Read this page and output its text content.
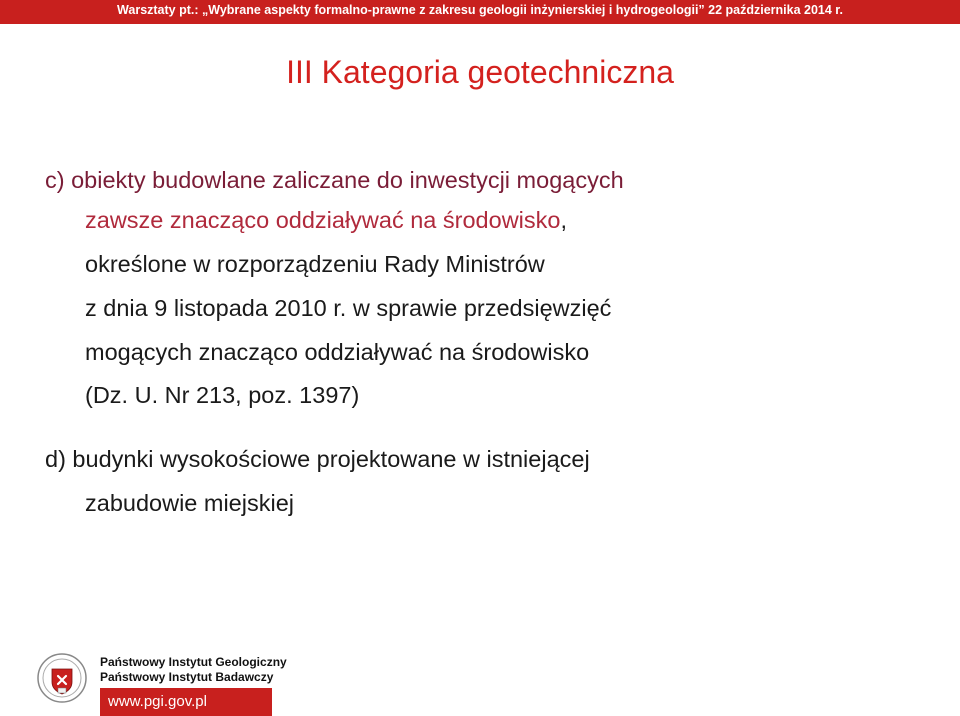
Warsztaty pt.: „Wybrane aspekty formalno-prawne z zakresu geologii inżynierskiej i hydrogeologii” 22 października 2014 r.
III Kategoria geotechniczna
c) obiekty budowlane zaliczane do inwestycji mogących
zawsze znacząco oddziaływać na środowisko,
określone w rozporządzeniu Rady Ministrów
z dnia 9 listopada 2010 r. w sprawie przedsięwzięć
mogących znacząco oddziaływać na środowisko
(Dz. U. Nr 213, poz. 1397)
d) budynki wysokościowe projektowane w istniejącej
zabudowie miejskiej
Państwowy Instytut Geologiczny
Państwowy Instytut Badawczy
www.pgi.gov.pl
